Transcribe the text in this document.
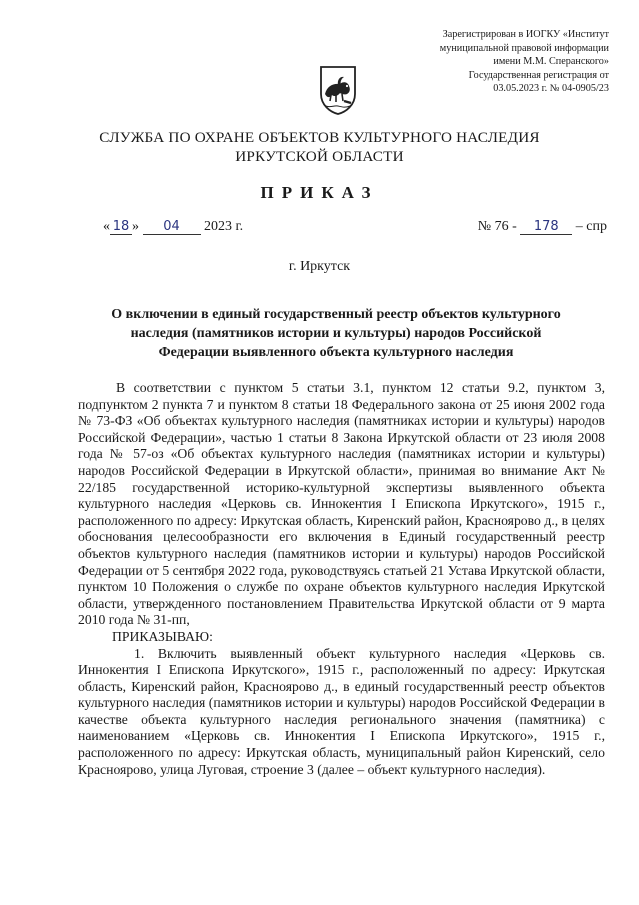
Зарегистрирован в ИОГКУ «Институт
муниципальной правовой информации
имени М.М. Сперанского»
Государственная регистрация от
03.05.2023 г. № 04-0905/23
СЛУЖБА ПО ОХРАНЕ ОБЪЕКТОВ КУЛЬТУРНОГО НАСЛЕДИЯ
ИРКУТСКОЙ ОБЛАСТИ
ПРИКАЗ
« 18 » 04 2023 г.	№ 76 - 178 – спр
г. Иркутск
О включении в единый государственный реестр объектов культурного
наследия (памятников истории и культуры) народов Российской
Федерации выявленного объекта культурного наследия

В соответствии с пунктом 5 статьи 3.1, пунктом 12 статьи 9.2, пунктом 3, подпунктом 2 пункта 7 и пунктом 8 статьи 18 Федерального закона от 25 июня 2002 года № 73-ФЗ «Об объектах культурного наследия (памятниках истории и культуры) народов Российской Федерации», частью 1 статьи 8 Закона Иркутской области от 23 июля 2008 года № 57-оз «Об объектах культурного наследия (памятниках истории и культуры) народов Российской Федерации в Иркутской области», принимая во внимание Акт № 22/185 государственной историко-культурной экспертизы выявленного объекта культурного наследия «Церковь св. Иннокентия I Епископа Иркутского», 1915 г., расположенного по адресу: Иркутская область, Киренский район, Красноярово д., в целях обоснования целесообразности его включения в Единый государственный реестр объектов культурного наследия (памятников истории и культуры) народов Российской Федерации от 5 сентября 2022 года, руководствуясь статьей 21 Устава Иркутской области, пунктом 10 Положения о службе по охране объектов культурного наследия Иркутской области, утвержденного постановлением Правительства Иркутской области от 9 марта 2010 года № 31-пп,

ПРИКАЗЫВАЮ:

1. Включить выявленный объект культурного наследия «Церковь св. Иннокентия I Епископа Иркутского», 1915 г., расположенный по адресу: Иркутская область, Киренский район, Красноярово д., в единый государственный реестр объектов культурного наследия (памятников истории и культуры) народов Российской Федерации в качестве объекта культурного наследия регионального значения (памятника) с наименованием «Церковь св. Иннокентия I Епископа Иркутского», 1915 г., расположенного по адресу: Иркутская область, муниципальный район Киренский, село Красноярово, улица Луговая, строение 3 (далее – объект культурного наследия).
